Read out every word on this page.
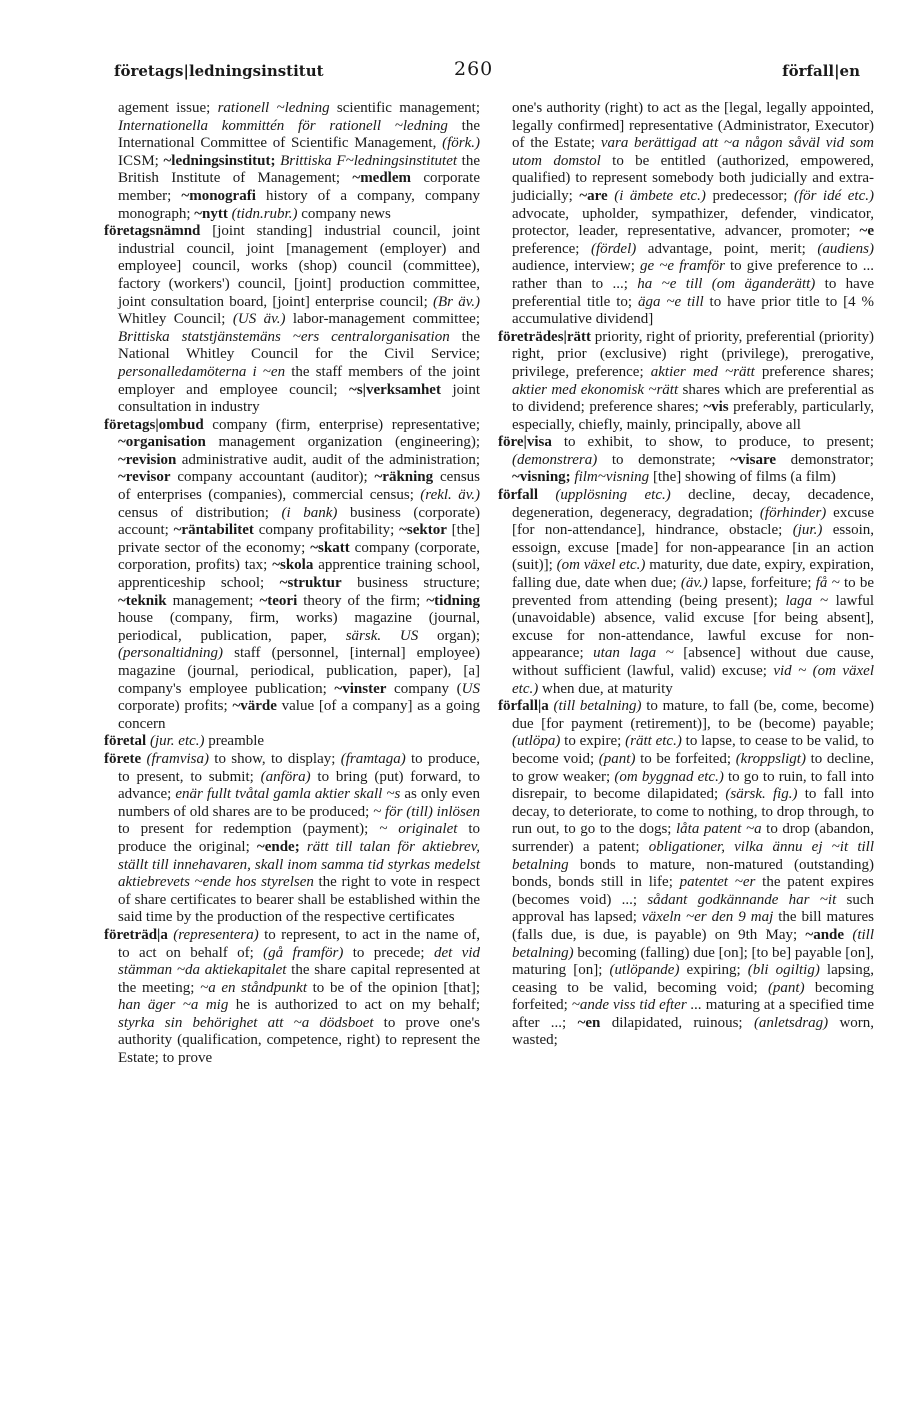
företags|ledningsinstitut	260	förfall|en

agement issue; rationell ~ledning scientific management; Internationella kommittén för rationell ~ledning the International Committee of Scientific Management, (förk.) ICSM; ~ledningsinstitut; Brittiska F~ledningsinstitutet the British Institute of Management; ~medlem corporate member; ~monografi history of a company, company monograph; ~nytt (tidn.rubr.) company news

företagsnämnd [joint standing] industrial council, joint industrial council, joint [management (employer) and employee] council, works (shop) council (committee), factory (workers') council, [joint] production committee, joint consultation board, [joint] enterprise council; (Br äv.) Whitley Council; (US äv.) labor-management committee; Brittiska statstjänstemäns ~ers centralorganisation the National Whitley Council for the Civil Service; personalledamöterna i ~en the staff members of the joint employer and employee council; ~s|verksamhet joint consultation in industry

företags|ombud company (firm, enterprise) representative; ~organisation management organization (engineering); ~revision administrative audit, audit of the administration; ~revisor company accountant (auditor); ~räkning census of enterprises (companies), commercial census; (rekl. äv.) census of distribution; (i bank) business (corporate) account; ~räntabilitet company profitability; ~sektor [the] private sector of the economy; ~skatt company (corporate, corporation, profits) tax; ~skola apprentice training school, apprenticeship school; ~struktur business structure; ~teknik management; ~teori theory of the firm; ~tidning house (company, firm, works) magazine (journal, periodical, publication, paper, särsk. US organ); (personaltidning) staff (personnel, [internal] employee) magazine (journal, periodical, publication, paper), [a] company's employee publication; ~vinster company (US corporate) profits; ~värde value [of a company] as a going concern

företal (jur. etc.) preamble

förete (framvisa) to show, to display; (framtaga) to produce, to present, to submit; (anföra) to bring (put) forward, to advance; enär fullt tvåtal gamla aktier skall ~s as only even numbers of old shares are to be produced; ~ för (till) inlösen to present for redemption (payment); ~ originalet to produce the original; ~ende; rätt till talan för aktiebrev, ställt till innehavaren, skall inom samma tid styrkas medelst aktiebrevets ~ende hos styrelsen the right to vote in respect of share certificates to bearer shall be established within the said time by the production of the respective certificates

företräd|a (representera) to represent, to act in the name of, to act on behalf of; (gå framför) to precede; det vid stämman ~da aktiekapitalet the share capital represented at the meeting; ~a en ståndpunkt to be of the opinion [that]; han äger ~a mig he is authorized to act on my behalf; styrka sin behörighet att ~a dödsboet to prove one's authority (qualification, competence, right) to represent the Estate; to prove

one's authority (right) to act as the [legal, legally appointed, legally confirmed] representative (Administrator, Executor) of the Estate; vara berättigad att ~a någon såväl vid som utom domstol to be entitled (authorized, empowered, qualified) to represent somebody both judicially and extra-judicially; ~are (i ämbete etc.) predecessor; (för idé etc.) advocate, upholder, sympathizer, defender, vindicator, protector, leader, representative, advancer, promoter; ~e preference; (fördel) advantage, point, merit; (audiens) audience, interview; ge ~e framför to give preference to ... rather than to ...; ha ~e till (om äganderätt) to have preferential title to; äga ~e till to have prior title to [4 % accumulative dividend]

företrädes|rätt priority, right of priority, preferential (priority) right, prior (exclusive) right (privilege), prerogative, privilege, preference; aktier med ~rätt preference shares; aktier med ekonomisk ~rätt shares which are preferential as to dividend; preference shares; ~vis preferably, particularly, especially, chiefly, mainly, principally, above all

före|visa to exhibit, to show, to produce, to present; (demonstrera) to demonstrate; ~visare demonstrator; ~visning; film~visning [the] showing of films (a film)

förfall (upplösning etc.) decline, decay, decadence, degeneration, degeneracy, degradation; (förhinder) excuse [for non-attendance], hindrance, obstacle; (jur.) essoin, essoign, excuse [made] for non-appearance [in an action (suit)]; (om växel etc.) maturity, due date, expiry, expiration, falling due, date when due; (äv.) lapse, forfeiture; få ~ to be prevented from attending (being present); laga ~ lawful (unavoidable) absence, valid excuse [for being absent], excuse for non-attendance, lawful excuse for non-appearance; utan laga ~ [absence] without due cause, without sufficient (lawful, valid) excuse; vid ~ (om växel etc.) when due, at maturity

förfall|a (till betalning) to mature, to fall (be, come, become) due [for payment (retirement)], to be (become) payable; (utlöpa) to expire; (rätt etc.) to lapse, to cease to be valid, to become void; (pant) to be forfeited; (kroppsligt) to decline, to grow weaker; (om byggnad etc.) to go to ruin, to fall into disrepair, to become dilapidated; (särsk. fig.) to fall into decay, to deteriorate, to come to nothing, to drop through, to run out, to go to the dogs; låta patent ~a to drop (abandon, surrender) a patent; obligationer, vilka ännu ej ~it till betalning bonds to mature, non-matured (outstanding) bonds, bonds still in life; patentet ~er the patent expires (becomes void) ...; sådant godkännande har ~it such approval has lapsed; växeln ~er den 9 maj the bill matures (falls due, is due, is payable) on 9th May; ~ande (till betalning) becoming (falling) due [on]; [to be] payable [on], maturing [on]; (utlöpande) expiring; (bli ogiltig) lapsing, ceasing to be valid, becoming void; (pant) becoming forfeited; ~ande viss tid efter ... maturing at a specified time after ...; ~en dilapidated, ruinous; (anletsdrag) worn, wasted;
